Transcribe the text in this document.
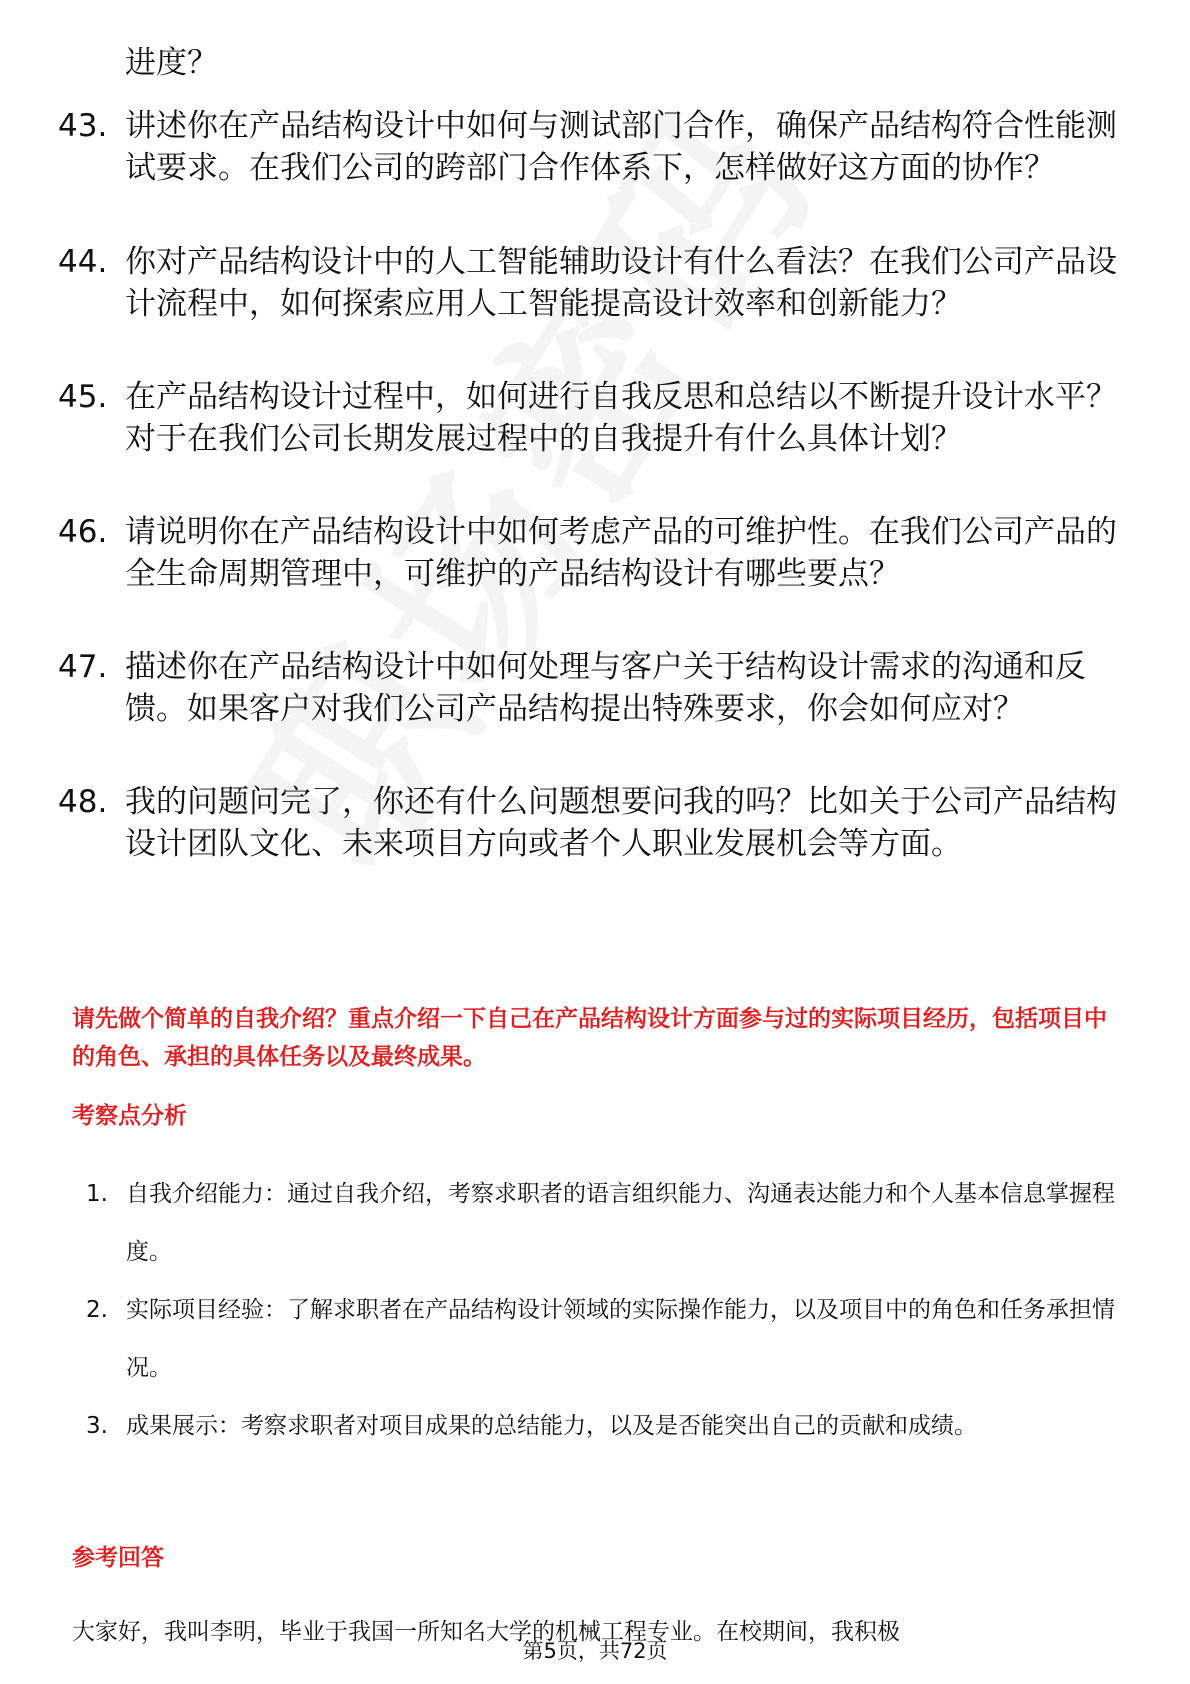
进度？
43. 讲述你在产品结构设计中如何与测试部门合作，确保产品结构符合性能测试要求。在我们公司的跨部门合作体系下，怎样做好这方面的协作？
44. 你对产品结构设计中的人工智能辅助设计有什么看法？在我们公司产品设计流程中，如何探索应用人工智能提高设计效率和创新能力？
45. 在产品结构设计过程中，如何进行自我反思和总结以不断提升设计水平？对于在我们公司长期发展过程中的自我提升有什么具体计划？
46. 请说明你在产品结构设计中如何考虑产品的可维护性。在我们公司产品的全生命周期管理中，可维护的产品结构设计有哪些要点？
47. 描述你在产品结构设计中如何处理与客户关于结构设计需求的沟通和反馈。如果客户对我们公司产品结构提出特殊要求，你会如何应对？
48. 我的问题问完了，你还有什么问题想要问我的吗？比如关于公司产品结构设计团队文化、未来项目方向或者个人职业发展机会等方面。
请先做个简单的自我介绍？重点介绍一下自己在产品结构设计方面参与过的实际项目经历，包括项目中的角色、承担的具体任务以及最终成果。
考察点分析
1. 自我介绍能力：通过自我介绍，考察求职者的语言组织能力、沟通表达能力和个人基本信息掌握程度。
2. 实际项目经验：了解求职者在产品结构设计领域的实际操作能力，以及项目中的角色和任务承担情况。
3. 成果展示：考察求职者对项目成果的总结能力，以及是否能突出自己的贡献和成绩。
参考回答
大家好，我叫李明，毕业于我国一所知名大学的机械工程专业。在校期间，我积极
第5页，共72页
